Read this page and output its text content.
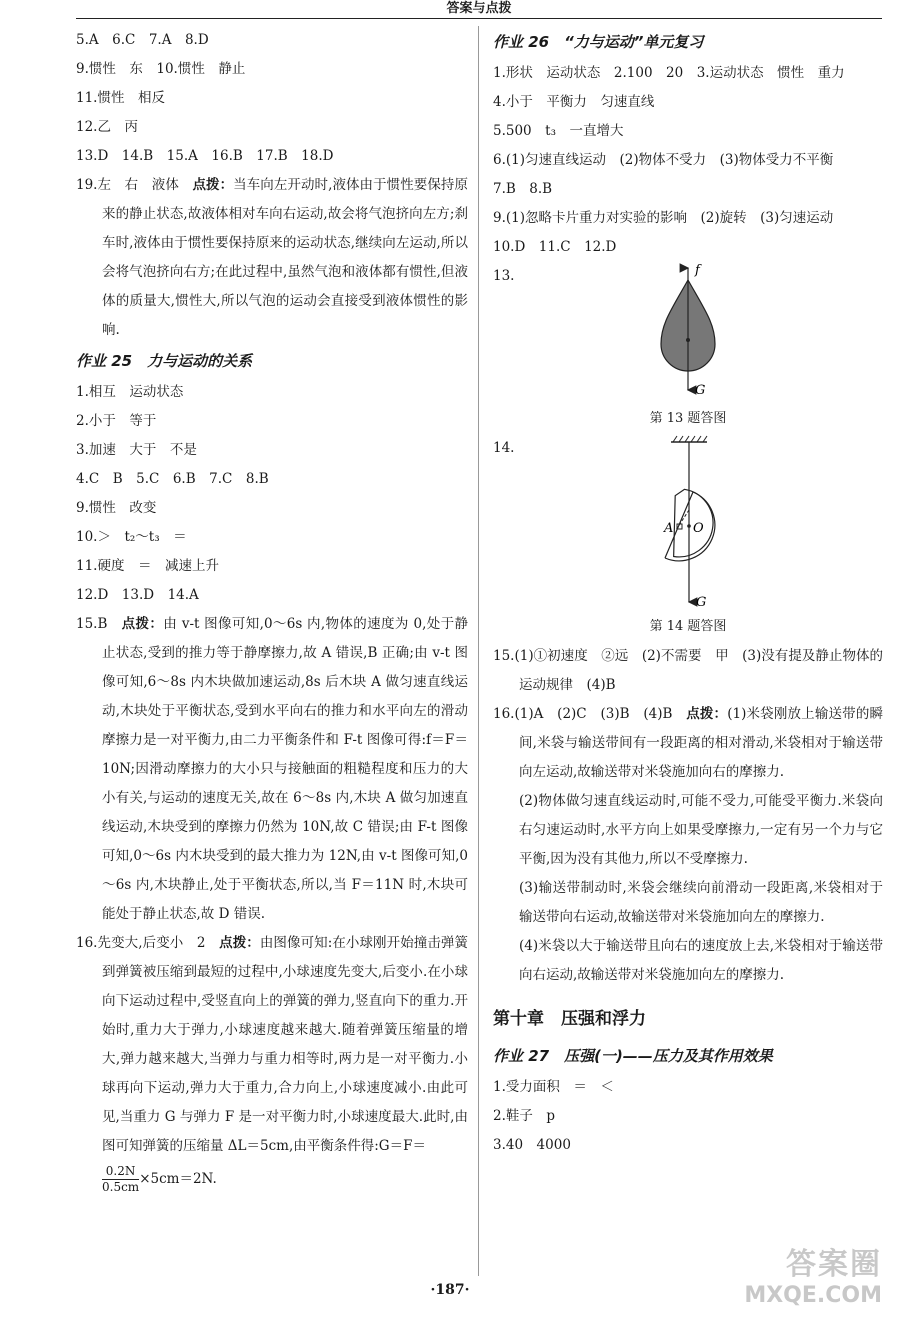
答案与点拨
5.A　6.C　7.A　8.D
9.惯性　东　10.惯性　静止
11.惯性　相反
12.乙　丙
13.D　14.B　15.A　16.B　17.B　18.D
19.左　右　液体　点拨：当车向左开动时,液体由于惯性要保持原来的静止状态,故液体相对车向右运动,故会将气泡挤向左方;刹车时,液体由于惯性要保持原来的运动状态,继续向左运动,所以会将气泡挤向右方;在此过程中,虽然气泡和液体都有惯性,但液体的质量大,惯性大,所以气泡的运动会直接受到液体惯性的影响.
作业 25　力与运动的关系
1.相互　运动状态
2.小于　等于
3.加速　大于　不是
4.C　B　5.C　6.B　7.C　8.B
9.惯性　改变
10.＞　t₂～t₃　＝
11.硬度　＝　减速上升
12.D　13.D　14.A
15.B　点拨：由 v-t 图像可知,0～6s 内,物体的速度为 0,处于静止状态,受到的推力等于静摩擦力,故 A 错误,B 正确;由 v-t 图像可知,6～8s 内木块做加速运动,8s 后木块 A 做匀速直线运动,木块处于平衡状态,受到水平向右的推力和水平向左的滑动摩擦力是一对平衡力,由二力平衡条件和 F-t 图像可得:f＝F＝10N;因滑动摩擦力的大小只与接触面的粗糙程度和压力的大小有关,与运动的速度无关,故在 6～8s 内,木块 A 做匀加速直线运动,木块受到的摩擦力仍然为 10N,故 C 错误;由 F-t 图像可知,0～6s 内木块受到的最大推力为 12N,由 v-t 图像可知,0～6s 内,木块静止,处于平衡状态,所以,当 F＝11N 时,木块可能处于静止状态,故 D 错误.
16.先变大,后变小　2　点拨：由图像可知:在小球刚开始撞击弹簧到弹簧被压缩到最短的过程中,小球速度先变大,后变小.在小球向下运动过程中,受竖直向上的弹簧的弹力,竖直向下的重力.开始时,重力大于弹力,小球速度越来越大.随着弹簧压缩量的增大,弹力越来越大,当弹力与重力相等时,两力是一对平衡力.小球再向下运动,弹力大于重力,合力向上,小球速度减小.由此可见,当重力 G 与弹力 F 是一对平衡力时,小球速度最大.此时,由图可知弹簧的压缩量 ΔL＝5cm,由平衡条件得:G＝F＝
$\frac{0.2N}{0.5cm} \times 5cm=2N$.
作业 26　“力与运动”单元复习
1.形状　运动状态　2.100　20　3.运动状态　惯性　重力
4.小于　平衡力　匀速直线
5.500　t₃　一直增大
6.(1)匀速直线运动　(2)物体不受力　(3)物体受力不平衡
7.B　8.B
9.(1)忽略卡片重力对实验的影响　(2)旋转　(3)匀速运动
10.D　11.C　12.D
13.	f
G
第 13 题答图
14.
A O
G
第 14 题答图
15.(1)①初速度　②远　(2)不需要　甲　(3)没有提及静止物体的运动规律　(4)B
16.(1)A　(2)C　(3)B　(4)B　点拨：(1)米袋刚放上输送带的瞬间,米袋与输送带间有一段距离的相对滑动,米袋相对于输送带向左运动,故输送带对米袋施加向右的摩擦力.
(2)物体做匀速直线运动时,可能不受力,可能受平衡力.米袋向右匀速运动时,水平方向上如果受摩擦力,一定有另一个力与它平衡,因为没有其他力,所以不受摩擦力.
(3)输送带制动时,米袋会继续向前滑动一段距离,米袋相对于输送带向右运动,故输送带对米袋施加向左的摩擦力.
(4)米袋以大于输送带且向右的速度放上去,米袋相对于输送带向右运动,故输送带对米袋施加向左的摩擦力.
第十章　压强和浮力
作业 27　压强(一)——压力及其作用效果
1.受力面积　＝　＜
2.鞋子　p
3.40　4000
·187·
答案圈
MXQE.COM
